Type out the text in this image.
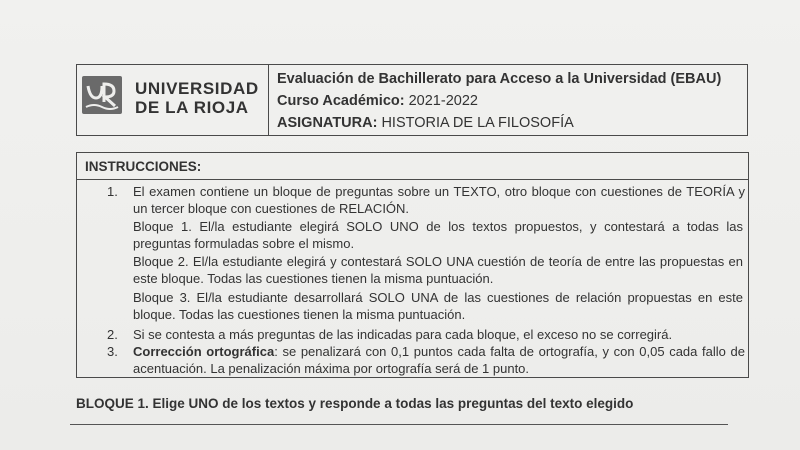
UNIVERSIDAD
DE LA RIOJA
Evaluación de Bachillerato para Acceso a la Universidad (EBAU)
Curso Académico: 2021-2022
ASIGNATURA: HISTORIA DE LA FILOSOFÍA
INSTRUCCIONES:
1.	El examen contiene un bloque de preguntas sobre un TEXTO, otro bloque con cuestiones de TEORÍA y un tercer bloque con cuestiones de RELACIÓN.
Bloque 1. El/la estudiante elegirá SOLO UNO de los textos propuestos, y contestará a todas las preguntas formuladas sobre el mismo.
Bloque 2. El/la estudiante elegirá y contestará SOLO UNA cuestión de teoría de entre las propuestas en este bloque. Todas las cuestiones tienen la misma puntuación.
Bloque 3. El/la estudiante desarrollará SOLO UNA de las cuestiones de relación propuestas en este bloque. Todas las cuestiones tienen la misma puntuación.
2.	Si se contesta a más preguntas de las indicadas para cada bloque, el exceso no se corregirá.
3.	Corrección ortográfica: se penalizará con 0,1 puntos cada falta de ortografía, y con 0,05 cada fallo de acentuación. La penalización máxima por ortografía será de 1 punto.
BLOQUE 1. Elige UNO de los textos y responde a todas las preguntas del texto elegido
